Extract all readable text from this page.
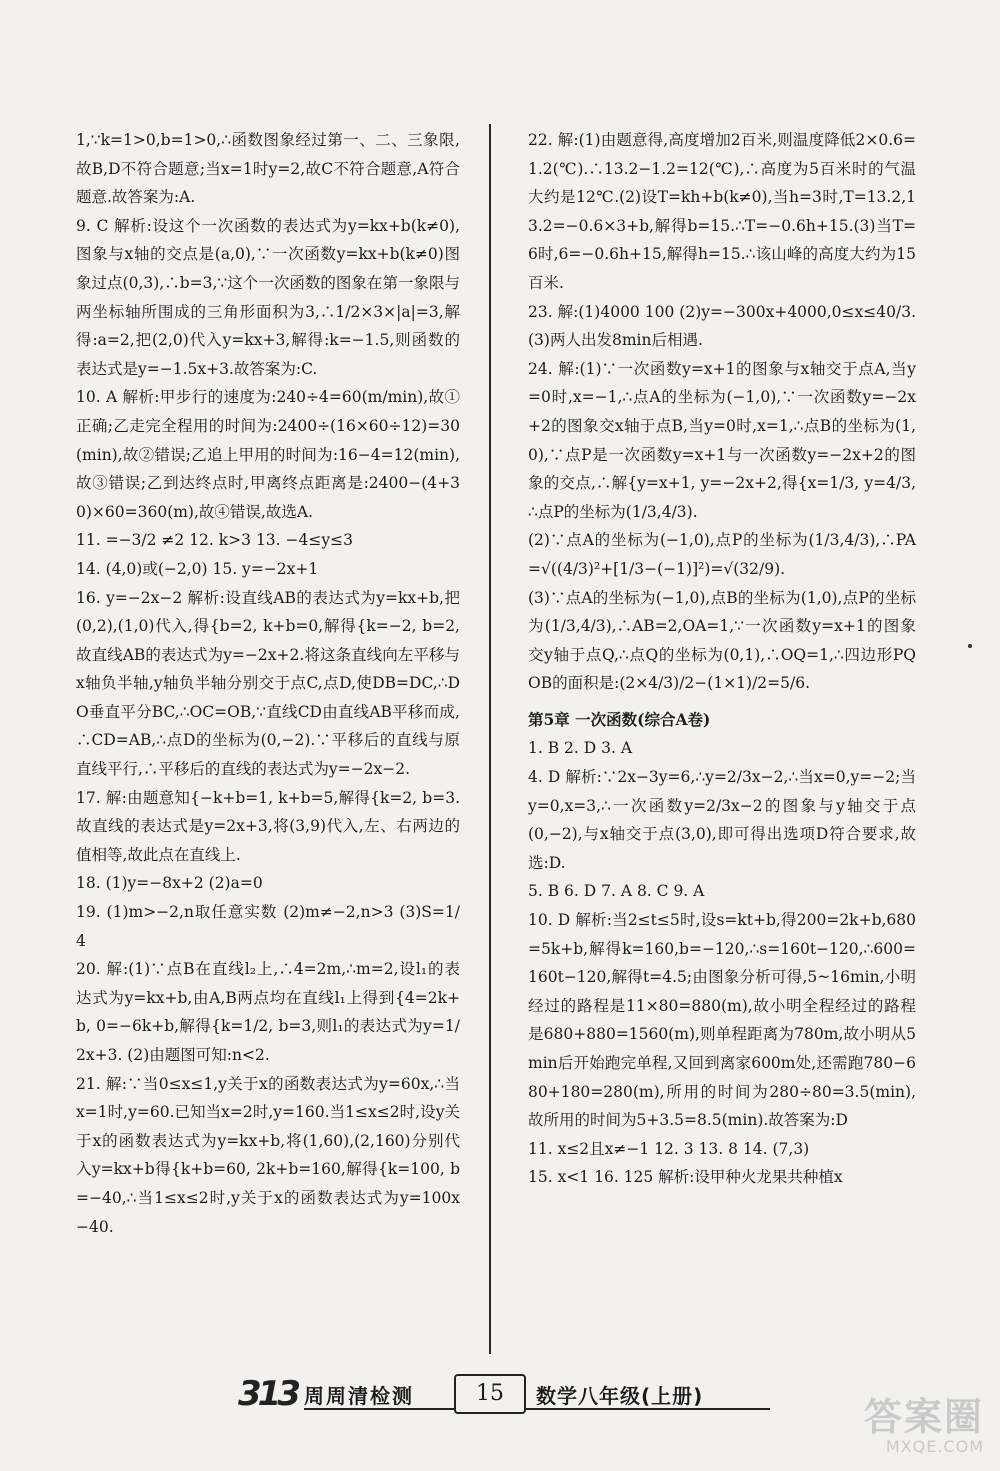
1,∵k=1>0,b=1>0,∴函数图象经过第一、二、三象限,故B,D不符合题意;当x=1时y=2,故C不符合题意,A符合题意.故答案为:A.

9. C 解析:设这个一次函数的表达式为y=kx+b(k≠0),图象与x轴的交点是(a,0),∵一次函数y=kx+b(k≠0)图象过点(0,3),∴b=3,∵这个一次函数的图象在第一象限与两坐标轴所围成的三角形面积为3,∴1/2×3×|a|=3,解得:a=2,把(2,0)代入y=kx+3,解得:k=−1.5,则函数的表达式是y=−1.5x+3.故答案为:C.

10. A 解析:甲步行的速度为:240÷4=60(m/min),故①正确;乙走完全程用的时间为:2400÷(16×60÷12)=30(min),故②错误;乙追上甲用的时间为:16−4=12(min),故③错误;乙到达终点时,甲离终点距离是:2400−(4+30)×60=360(m),故④错误,故选A.

11. =−3/2 ≠2 12. k>3 13. −4≤y≤3

14. (4,0)或(−2,0) 15. y=−2x+1

16. y=−2x−2 解析:设直线AB的表达式为y=kx+b,把(0,2),(1,0)代入,得{b=2, k+b=0,解得{k=−2, b=2,故直线AB的表达式为y=−2x+2.将这条直线向左平移与x轴负半轴,y轴负半轴分别交于点C,点D,使DB=DC,∴DO垂直平分BC,∴OC=OB,∵直线CD由直线AB平移而成,∴CD=AB,∴点D的坐标为(0,−2).∵平移后的直线与原直线平行,∴平移后的直线的表达式为y=−2x−2.

17. 解:由题意知{−k+b=1, k+b=5,解得{k=2, b=3.故直线的表达式是y=2x+3,将(3,9)代入,左、右两边的值相等,故此点在直线上.

18. (1)y=−8x+2 (2)a=0

19. (1)m>−2,n取任意实数 (2)m≠−2,n>3 (3)S=1/4

20. 解:(1)∵点B在直线l₂上,∴4=2m,∴m=2,设l₁的表达式为y=kx+b,由A,B两点均在直线l₁上得到{4=2k+b, 0=−6k+b,解得{k=1/2, b=3,则l₁的表达式为y=1/2x+3. (2)由题图可知:n<2.

21. 解:∵当0≤x≤1,y关于x的函数表达式为y=60x,∴当x=1时,y=60.已知当x=2时,y=160.当1≤x≤2时,设y关于x的函数表达式为y=kx+b,将(1,60),(2,160)分别代入y=kx+b得{k+b=60, 2k+b=160,解得{k=100, b=−40,∴当1≤x≤2时,y关于x的函数表达式为y=100x−40.

22. 解:(1)由题意得,高度增加2百米,则温度降低2×0.6=1.2(℃).∴13.2−1.2=12(℃),∴高度为5百米时的气温大约是12℃.(2)设T=kh+b(k≠0),当h=3时,T=13.2,13.2=−0.6×3+b,解得b=15.∴T=−0.6h+15.(3)当T=6时,6=−0.6h+15,解得h=15.∴该山峰的高度大约为15百米.

23. 解:(1)4000 100 (2)y=−300x+4000,0≤x≤40/3. (3)两人出发8min后相遇.

24. 解:(1)∵一次函数y=x+1的图象与x轴交于点A,当y=0时,x=−1,∴点A的坐标为(−1,0),∵一次函数y=−2x+2的图象交x轴于点B,当y=0时,x=1,∴点B的坐标为(1,0),∵点P是一次函数y=x+1与一次函数y=−2x+2的图象的交点,∴解{y=x+1, y=−2x+2,得{x=1/3, y=4/3,∴点P的坐标为(1/3,4/3).

(2)∵点A的坐标为(−1,0),点P的坐标为(1/3,4/3),∴PA=√((4/3)²+[1/3−(−1)]²)=√(32/9).

(3)∵点A的坐标为(−1,0),点B的坐标为(1,0),点P的坐标为(1/3,4/3),∴AB=2,OA=1,∵一次函数y=x+1的图象交y轴于点Q,∴点Q的坐标为(0,1),∴OQ=1,∴四边形PQOB的面积是:(2×4/3)/2−(1×1)/2=5/6.

第5章 一次函数(综合A卷)

1. B 2. D 3. A

4. D 解析:∵2x−3y=6,∴y=2/3x−2,∴当x=0,y=−2;当y=0,x=3,∴一次函数y=2/3x−2的图象与y轴交于点(0,−2),与x轴交于点(3,0),即可得出选项D符合要求,故选:D.

5. B 6. D 7. A 8. C 9. A

10. D 解析:当2≤t≤5时,设s=kt+b,得200=2k+b,680=5k+b,解得k=160,b=−120,∴s=160t−120,∴600=160t−120,解得t=4.5;由图象分析可得,5~16min,小明经过的路程是11×80=880(m),故小明全程经过的路程是680+880=1560(m),则单程距离为780m,故小明从5min后开始跑完单程,又回到离家600m处,还需跑780−680+180=280(m),所用的时间为280÷80=3.5(min),故所用的时间为5+3.5=8.5(min).故答案为:D

11. x≤2且x≠−1 12. 3 13. 8 14. (7,3)

15. x<1 16. 125 解析:设甲种火龙果共种植x

313 周周清检测	15	数学八年级(上册)	答案圈
MXQE.COM
